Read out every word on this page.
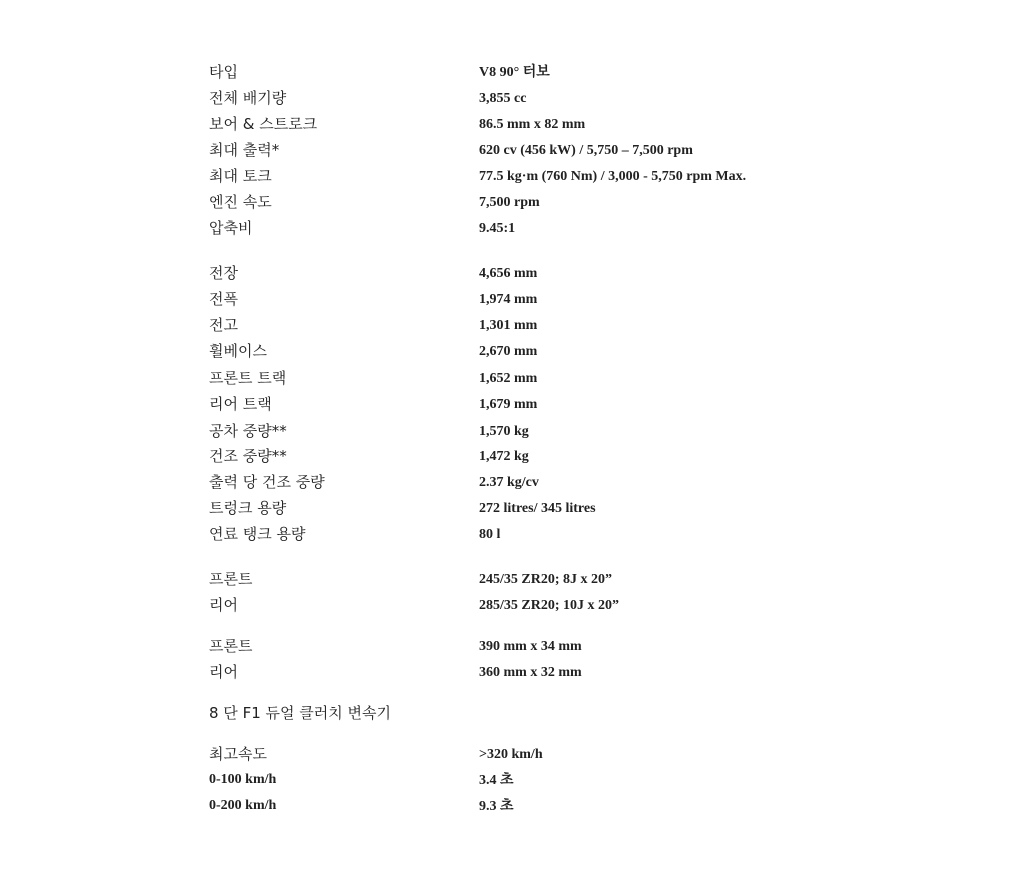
타입	V8 90° 터보
전체 배기량	3,855 cc
보어 & 스트로크	86.5 mm x 82 mm
최대 출력*	620 cv (456 kW) / 5,750 – 7,500 rpm
최대 토크	77.5 kg·m (760 Nm) / 3,000 - 5,750 rpm Max.
엔진 속도	7,500 rpm
압축비	9.45:1
전장	4,656 mm
전폭	1,974 mm
전고	1,301 mm
휠베이스	2,670 mm
프론트 트랙	1,652 mm
리어 트랙	1,679 mm
공차 중량**	1,570 kg
건조 중량**	1,472 kg
출력 당 건조 중량	2.37 kg/cv
트렁크 용량	272 litres/ 345 litres
연료 탱크 용량	80 l
프론트	245/35 ZR20; 8J x 20”
리어	285/35 ZR20; 10J x 20”
프론트	390 mm x 34 mm
리어	360 mm x 32 mm
8 단 F1 듀얼 클러치 변속기
최고속도	>320 km/h
0-100 km/h	3.4 초
0-200 km/h	9.3 초
